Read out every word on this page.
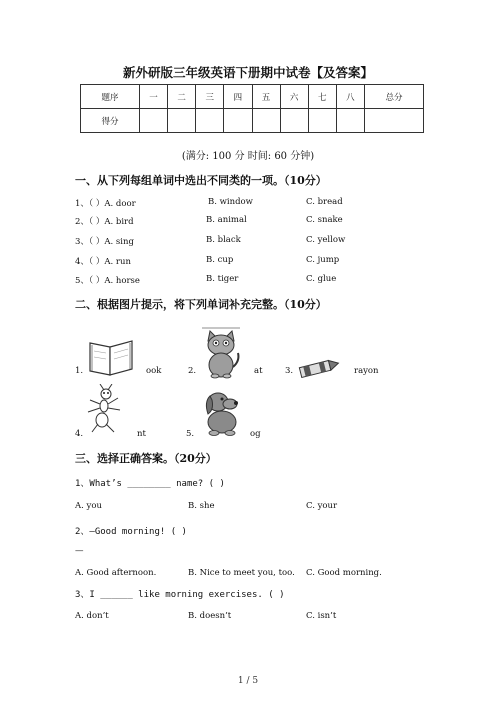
新外研版三年级英语下册期中试卷【及答案】
题序	一	二	三	四	五	六	七	八	总分
得分									
(满分: 100 分 时间: 60 分钟)
一、从下列每组单词中选出不同类的一项。（10分）
1、（ ）A. door	B. window	C. bread
2、（ ）A. bird	B. animal	C. snake
3、（ ）A. sing	B. black	C. yellow
4、（ ）A. run	B. cup	C. jump
5、（ ）A. horse	B. tiger	C. glue
二、根据图片提示，将下列单词补充完整。（10分）
1.	ook	2.	at	3.	rayon
4.	nt	5.	og
三、选择正确答案。（20分）
1、What’s ________ name? ( )
A. you	B. she	C. your
2、—Good morning! ( )
—
A. Good afternoon.	B. Nice to meet you, too. C. Good morning.
3、I ______ like morning exercises. ( )
A. don’t	B. doesn’t	C. isn’t
1 / 5
